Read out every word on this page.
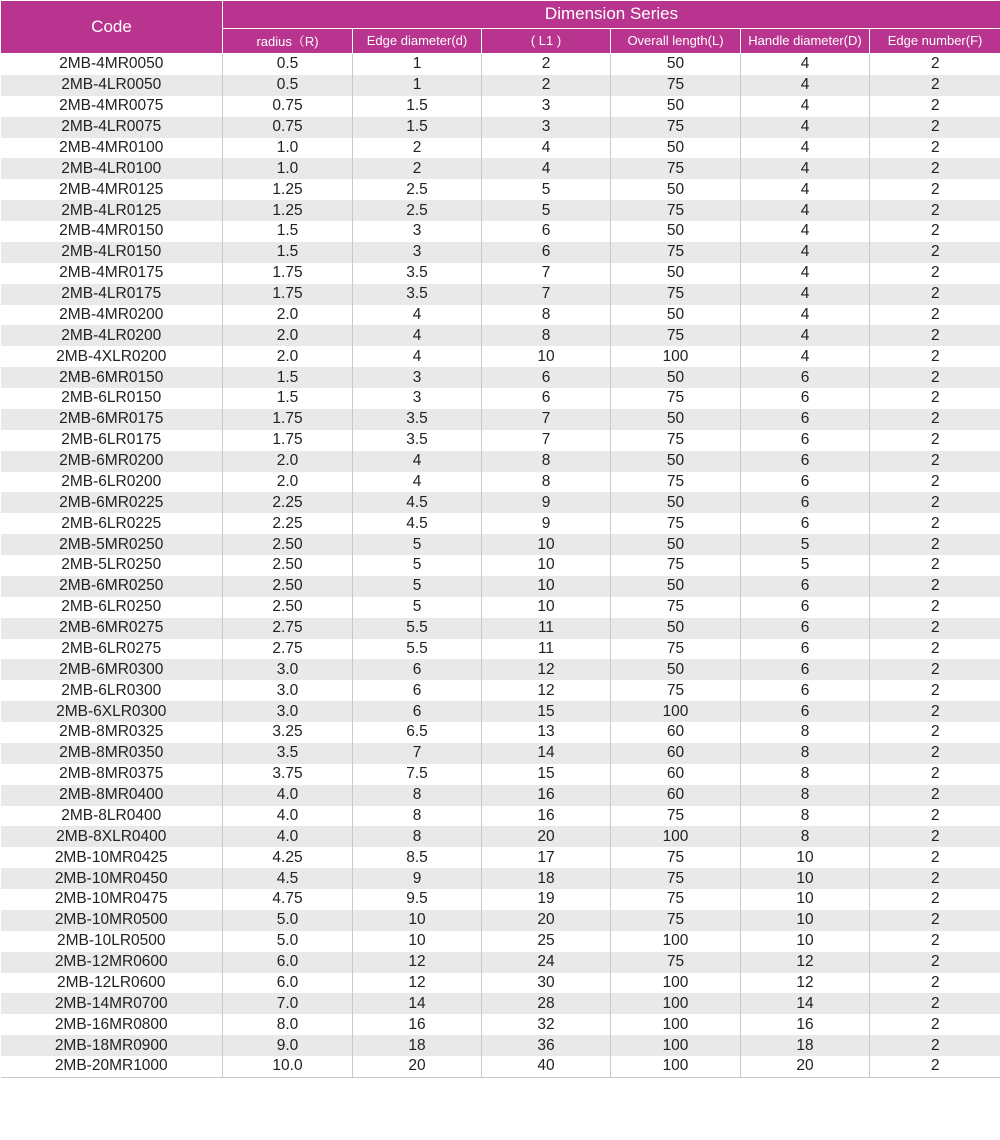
Code	Dimension Series					
	radius（R)	Edge diameter(d)	( L1 )	Overall length(L)	Handle diameter(D)	Edge number(F)
2MB-4MR0050	0.5	1	2	50	4	2
2MB-4LR0050	0.5	1	2	75	4	2
2MB-4MR0075	0.75	1.5	3	50	4	2
2MB-4LR0075	0.75	1.5	3	75	4	2
2MB-4MR0100	1.0	2	4	50	4	2
2MB-4LR0100	1.0	2	4	75	4	2
2MB-4MR0125	1.25	2.5	5	50	4	2
2MB-4LR0125	1.25	2.5	5	75	4	2
2MB-4MR0150	1.5	3	6	50	4	2
2MB-4LR0150	1.5	3	6	75	4	2
2MB-4MR0175	1.75	3.5	7	50	4	2
2MB-4LR0175	1.75	3.5	7	75	4	2
2MB-4MR0200	2.0	4	8	50	4	2
2MB-4LR0200	2.0	4	8	75	4	2
2MB-4XLR0200	2.0	4	10	100	4	2
2MB-6MR0150	1.5	3	6	50	6	2
2MB-6LR0150	1.5	3	6	75	6	2
2MB-6MR0175	1.75	3.5	7	50	6	2
2MB-6LR0175	1.75	3.5	7	75	6	2
2MB-6MR0200	2.0	4	8	50	6	2
2MB-6LR0200	2.0	4	8	75	6	2
2MB-6MR0225	2.25	4.5	9	50	6	2
2MB-6LR0225	2.25	4.5	9	75	6	2
2MB-5MR0250	2.50	5	10	50	5	2
2MB-5LR0250	2.50	5	10	75	5	2
2MB-6MR0250	2.50	5	10	50	6	2
2MB-6LR0250	2.50	5	10	75	6	2
2MB-6MR0275	2.75	5.5	11	50	6	2
2MB-6LR0275	2.75	5.5	11	75	6	2
2MB-6MR0300	3.0	6	12	50	6	2
2MB-6LR0300	3.0	6	12	75	6	2
2MB-6XLR0300	3.0	6	15	100	6	2
2MB-8MR0325	3.25	6.5	13	60	8	2
2MB-8MR0350	3.5	7	14	60	8	2
2MB-8MR0375	3.75	7.5	15	60	8	2
2MB-8MR0400	4.0	8	16	60	8	2
2MB-8LR0400	4.0	8	16	75	8	2
2MB-8XLR0400	4.0	8	20	100	8	2
2MB-10MR0425	4.25	8.5	17	75	10	2
2MB-10MR0450	4.5	9	18	75	10	2
2MB-10MR0475	4.75	9.5	19	75	10	2
2MB-10MR0500	5.0	10	20	75	10	2
2MB-10LR0500	5.0	10	25	100	10	2
2MB-12MR0600	6.0	12	24	75	12	2
2MB-12LR0600	6.0	12	30	100	12	2
2MB-14MR0700	7.0	14	28	100	14	2
2MB-16MR0800	8.0	16	32	100	16	2
2MB-18MR0900	9.0	18	36	100	18	2
2MB-20MR1000	10.0	20	40	100	20	2
